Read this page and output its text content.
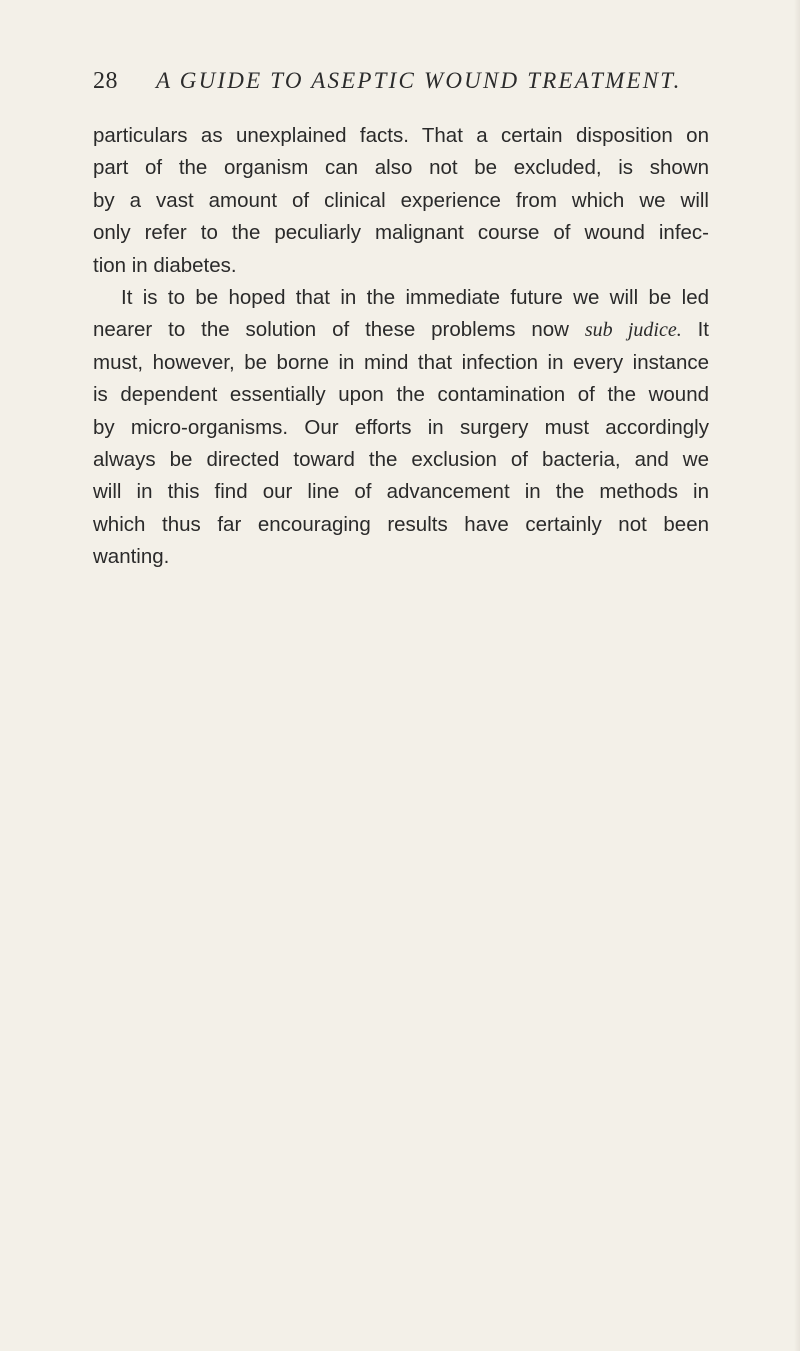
28 A GUIDE TO ASEPTIC WOUND TREATMENT.
particulars as unexplained facts. That a certain disposition on
part of the organism can also not be excluded, is shown
by a vast amount of clinical experience from which we will
only refer to the peculiarly malignant course of wound infec-
tion in diabetes.
It is to be hoped that in the immediate future we will be led
nearer to the solution of these problems now sub judice. It
must, however, be borne in mind that infection in every instance
is dependent essentially upon the contamination of the wound
by micro-organisms. Our efforts in surgery must accordingly
always be directed toward the exclusion of bacteria, and we
will in this find our line of advancement in the methods in
which thus far encouraging results have certainly not been
wanting.
